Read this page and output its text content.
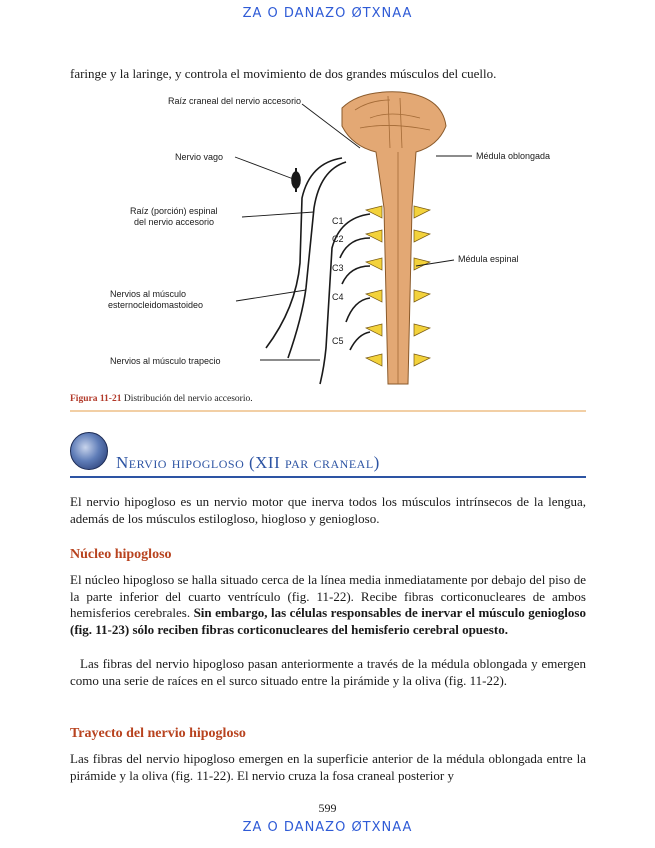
ZA O DANAZO ØTXNAA
faringe y la laringe, y controla el movimiento de dos grandes músculos del cuello.
Raíz craneal del nervio accesorio
Nervio vago
Raíz (porción) espinal
del nervio accesorio
Nervios al músculo
esternocleidomastoideo
Nervios al músculo trapecio
Médula oblongada
Médula espinal
C1
C2
C3
C4
C5
Figura 11-21 Distribución del nervio accesorio.
Nervio hipogloso (XII par craneal)
El nervio hipogloso es un nervio motor que inerva todos los músculos intrínsecos de la lengua, además de los músculos estilogloso, hiogloso y geniogloso.
Núcleo hipogloso
El núcleo hipogloso se halla situado cerca de la línea media inmediatamente por debajo del piso de la parte inferior del cuarto ventrículo (fig. 11-22). Recibe fibras corticonucleares de ambos hemisferios cerebrales. Sin embargo, las células responsables de inervar el músculo geniogloso (fig. 11-23) sólo reciben fibras corticonucleares del hemisferio cerebral opuesto.
Las fibras del nervio hipogloso pasan anteriormente a través de la médula oblongada y emergen como una serie de raíces en el surco situado entre la pirámide y la oliva (fig. 11-22).
Trayecto del nervio hipogloso
Las fibras del nervio hipogloso emergen en la superficie anterior de la médula oblongada entre la pirámide y la oliva (fig. 11-22). El nervio cruza la fosa craneal posterior y
599
ZA O DANAZO ØTXNAA
